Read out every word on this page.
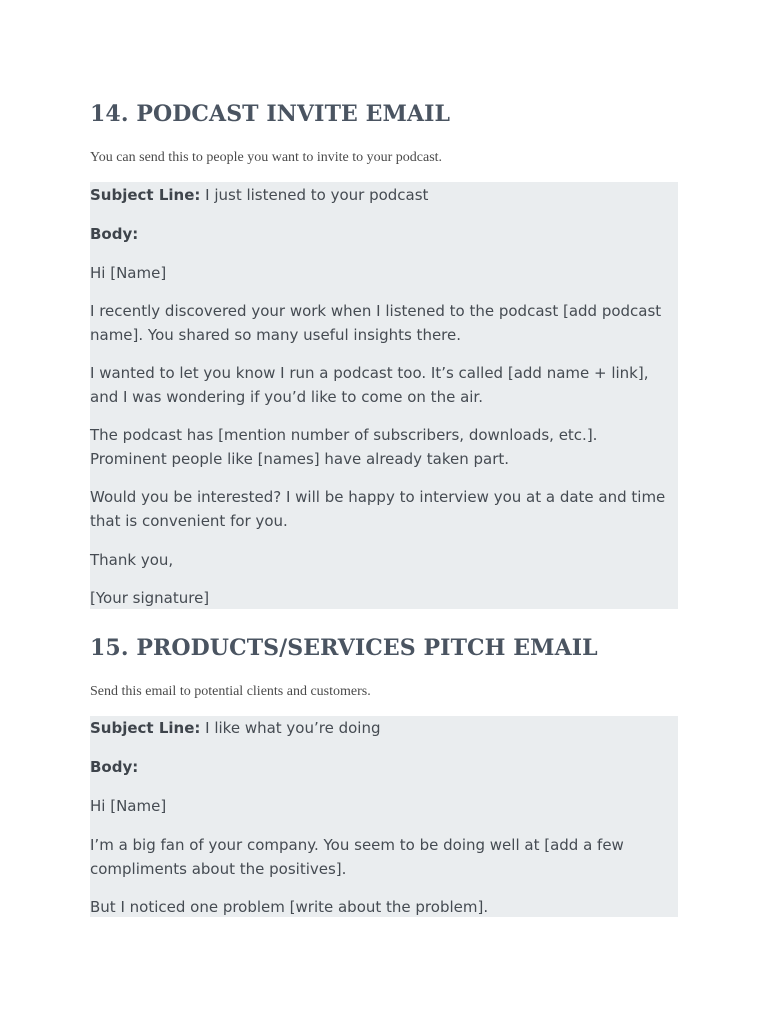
14. PODCAST INVITE EMAIL

You can send this to people you want to invite to your podcast.

Subject Line: I just listened to your podcast

Body:

Hi [Name]

I recently discovered your work when I listened to the podcast [add podcast name]. You shared so many useful insights there.

I wanted to let you know I run a podcast too. It’s called [add name + link], and I was wondering if you’d like to come on the air.

The podcast has [mention number of subscribers, downloads, etc.]. Prominent people like [names] have already taken part.

Would you be interested? I will be happy to interview you at a date and time that is convenient for you.

Thank you,

[Your signature]

15. PRODUCTS/SERVICES PITCH EMAIL

Send this email to potential clients and customers.

Subject Line: I like what you’re doing

Body:

Hi [Name]

I’m a big fan of your company. You seem to be doing well at [add a few compliments about the positives].

But I noticed one problem [write about the problem].
